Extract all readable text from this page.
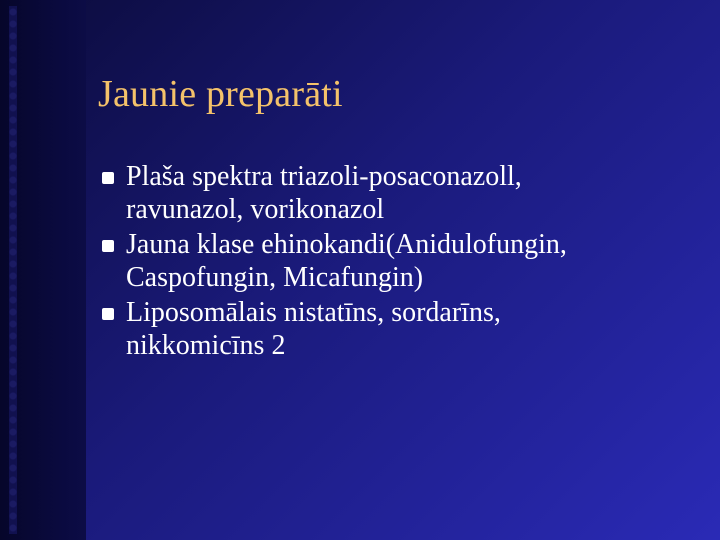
Jaunie preparāti
Plaša spektra triazoli-posaconazoll,
ravunazol, vorikonazol
Jauna klase ehinokandi(Anidulofungin,
Caspofungin, Micafungin)
Liposomālais nistatīns, sordarīns,
nikkomicīns 2
